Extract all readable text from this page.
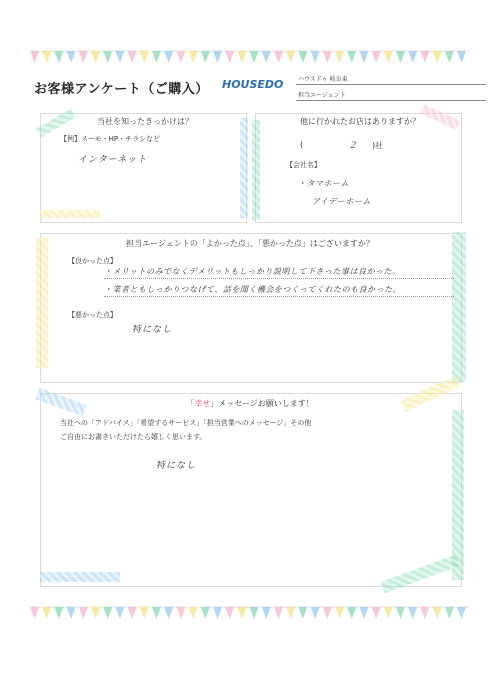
お客様アンケート（ご購入） HOUSEDO ハウスドゥ 岐阜東
担当エージェント
当社を知ったきっかけは？
【例】スーモ・HP・チラシなど
インターネット
他に行かれたお店はありますか？
(	２ )社
【会社名】
・タマホーム
アイデーホーム
担当エージェントの「よかった点」、「悪かった点」はございますか？
【良かった点】
・メリットのみでなくデメリットもしっかり説明して下さった事は良かった。
・業者ともしっかりつなげて、話を聞く機会をつくってくれたのも良かった。
【悪かった点】
特になし
「幸せ」メッセージお願いします！
当社への「アドバイス」「希望するサービス」「担当営業へのメッセージ」その他
ご自由にお書きいただけたら嬉しく思います。
特になし
